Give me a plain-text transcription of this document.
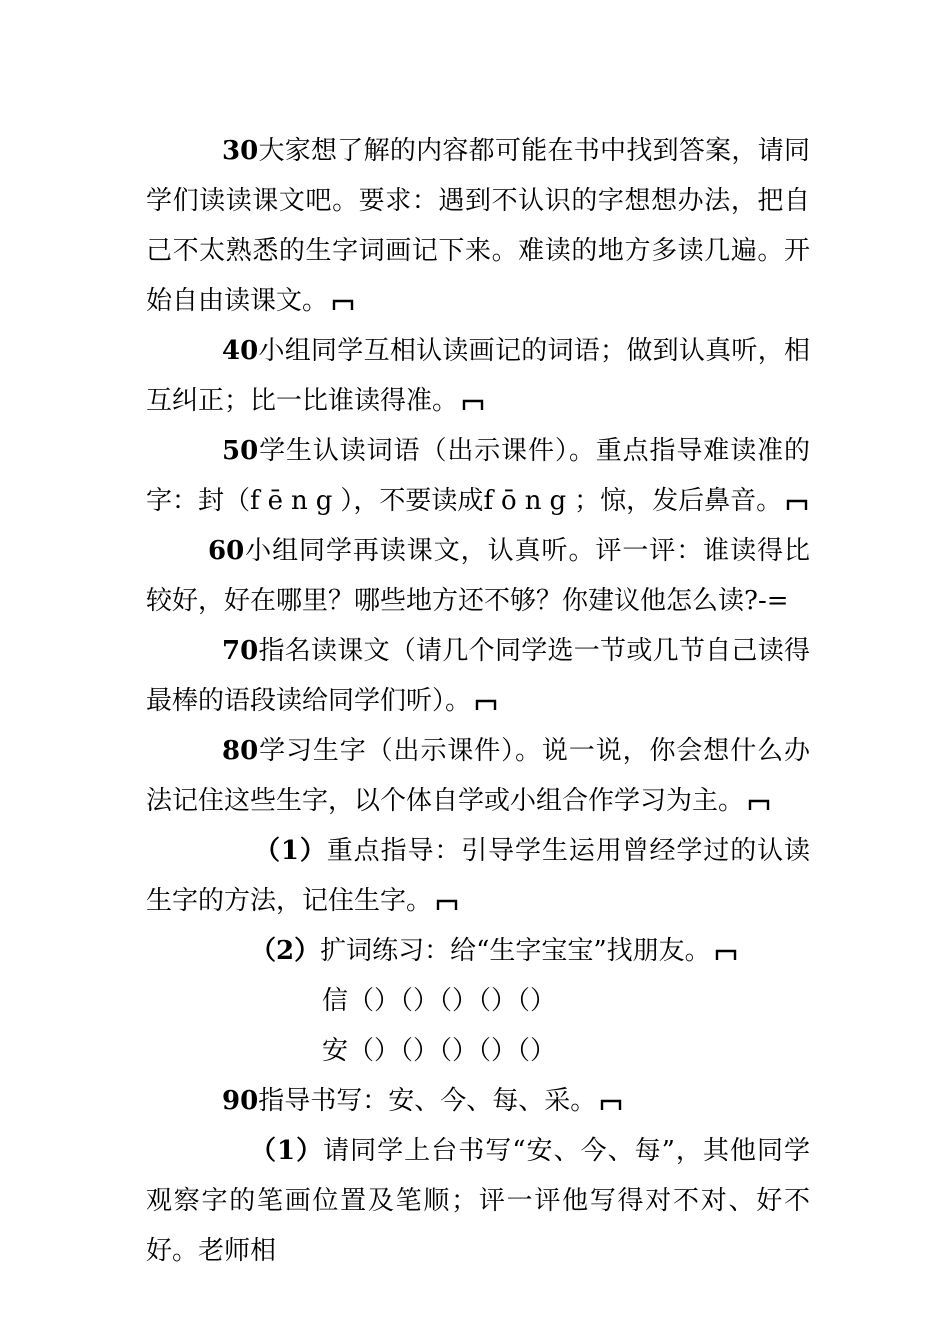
30大家想了解的内容都可能在书中找到答案，请同学们读读课文吧。要求：遇到不认识的字想想办法，把自己不太熟悉的生字词画记下来。难读的地方多读几遍。开始自由读课文。

40小组同学互相认读画记的词语；做到认真听，相互纠正；比一比谁读得准。

50学生认读词语（出示课件）。重点指导难读准的字：封（fēng），不要读成fōng；惊，发后鼻音。

60小组同学再读课文，认真听。评一评：谁读得比较好，好在哪里？哪些地方还不够？你建议他怎么读?-=

70指名读课文（请几个同学选一节或几节自己读得最棒的语段读给同学们听）。

80学习生字（出示课件）。说一说，你会想什么办法记住这些生字，以个体自学或小组合作学习为主。

（1）重点指导：引导学生运用曾经学过的认读生字的方法，记住生字。

（2）扩词练习：给“生字宝宝”找朋友。

信（）（）（）（）（）

安（）（）（）（）（）

90指导书写：安、今、每、采。

（1）请同学上台书写“安、今、每”，其他同学观察字的笔画位置及笔顺；评一评他写得对不对、好不好。老师相
